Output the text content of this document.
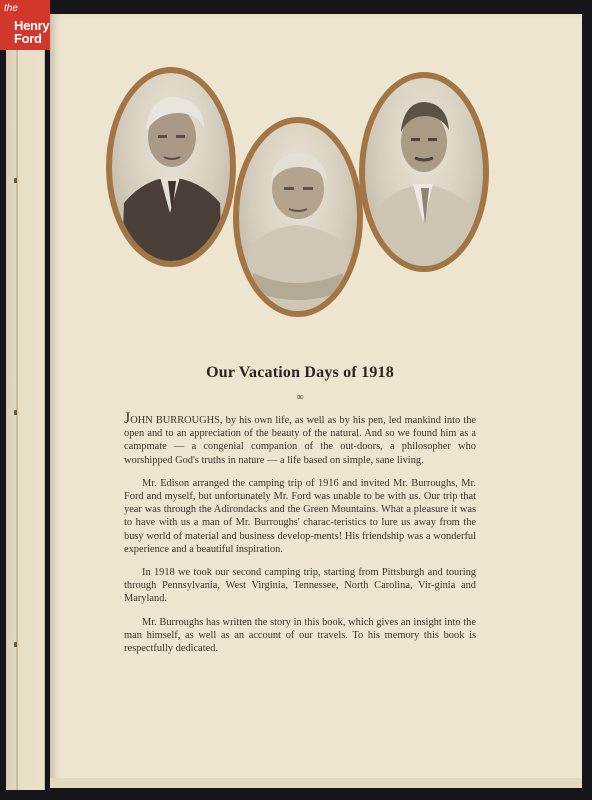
the
Henry
Ford
Our Vacation Days of 1918
∞

JOHN BURROUGHS, by his own life, as well as by his pen, led mankind into the open and to an appreciation of the beauty of the natural. And so we found him as a campmate — a congenial companion of the out-doors, a philosopher who worshipped God's truths in nature — a life based on simple, sane living.

Mr. Edison arranged the camping trip of 1916 and invited Mr. Burroughs, Mr. Ford and myself, but unfortunately Mr. Ford was unable to be with us. Our trip that year was through the Adirondacks and the Green Mountains. What a pleasure it was to have with us a man of Mr. Burroughs' charac-teristics to lure us away from the busy world of material and business develop-ments! His friendship was a wonderful experience and a beautiful inspiration.

In 1918 we took our second camping trip, starting from Pittsburgh and touring through Pennsylvania, West Virginia, Tennessee, North Carolina, Vir-ginia and Maryland.

Mr. Burroughs has written the story in this book, which gives an insight into the man himself, as well as an account of our travels. To his memory this book is respectfully dedicated.
